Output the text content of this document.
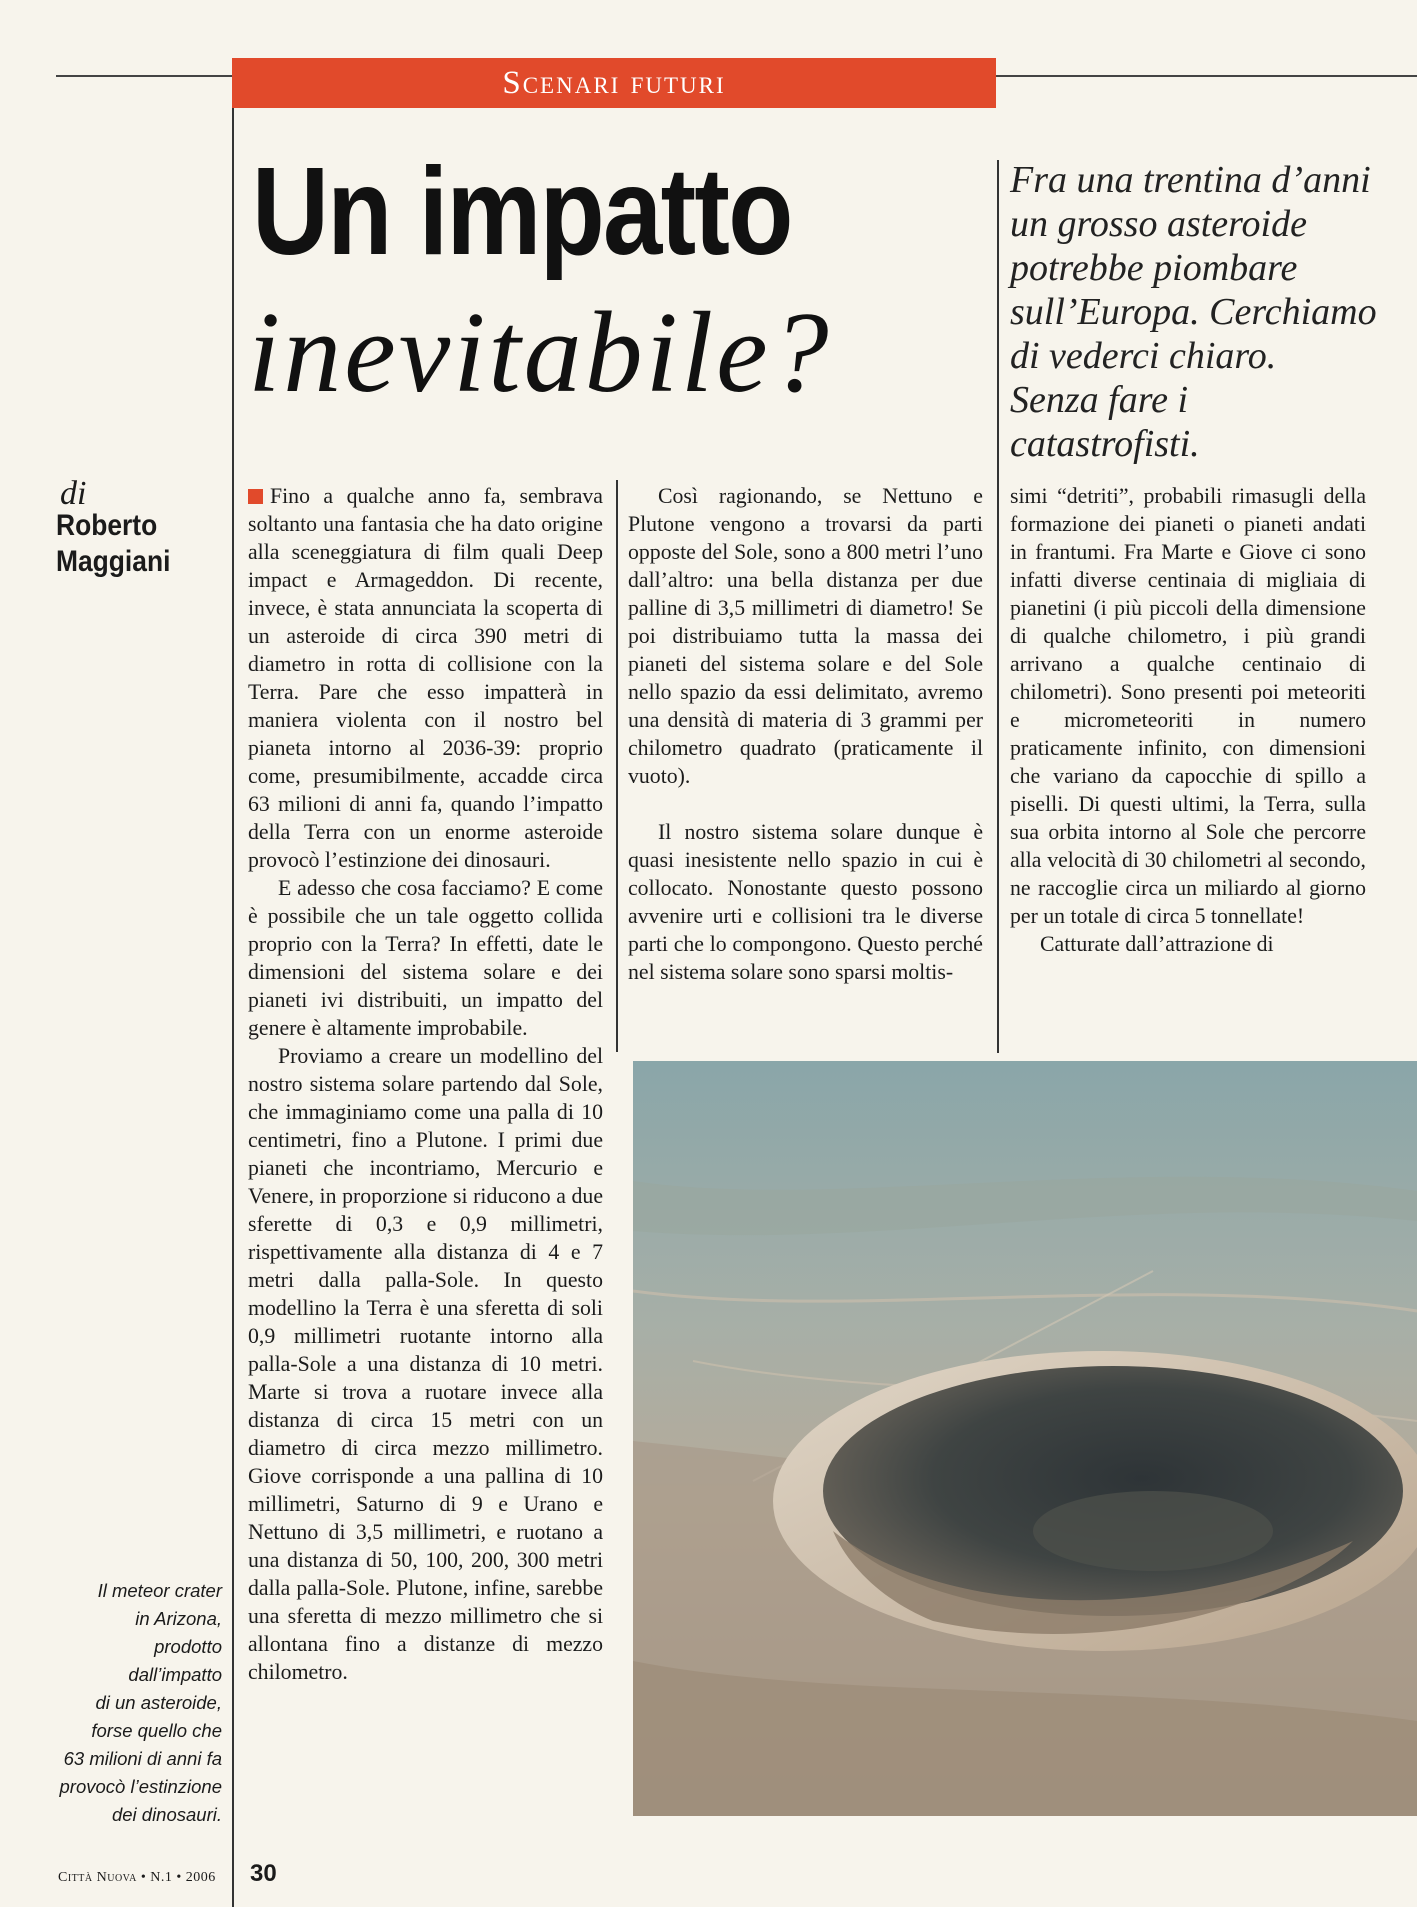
Scenari futuri
Un impatto
inevitabile?
Fra una trentina d’anni
un grosso asteroide
potrebbe piombare
sull’Europa. Cerchiamo
di vederci chiaro.
Senza fare i catastrofisti.
di
Roberto
Maggiani

Fino a qualche anno fa, sembrava soltanto una fantasia che ha dato origine alla sceneggiatura di film quali Deep impact e Armageddon. Di recente, invece, è stata annunciata la scoperta di un asteroide di circa 390 metri di diametro in rotta di collisione con la Terra. Pare che esso impatterà in maniera violenta con il nostro bel pianeta intorno al 2036-39: proprio come, presumibilmente, accadde circa 63 milioni di anni fa, quando l’impatto della Terra con un enorme asteroide provocò l’estinzione dei dinosauri.

E adesso che cosa facciamo? E come è possibile che un tale oggetto collida proprio con la Terra? In effetti, date le dimensioni del sistema solare e dei pianeti ivi distribuiti, un impatto del genere è altamente improbabile.

Proviamo a creare un modellino del nostro sistema solare partendo dal Sole, che immaginiamo come una palla di 10 centimetri, fino a Plutone. I primi due pianeti che incontriamo, Mercurio e Venere, in proporzione si riducono a due sferette di 0,3 e 0,9 millimetri, rispettivamente alla distanza di 4 e 7 metri dalla palla-Sole. In questo modellino la Terra è una sferetta di soli 0,9 millimetri ruotante intorno alla palla-Sole a una distanza di 10 metri. Marte si trova a ruotare invece alla distanza di circa 15 metri con un diametro di circa mezzo millimetro. Giove corrisponde a una pallina di 10 millimetri, Saturno di 9 e Urano e Nettuno di 3,5 millimetri, e ruotano a una distanza di 50, 100, 200, 300 metri dalla palla-Sole. Plutone, infine, sarebbe una sferetta di mezzo millimetro che si allontana fino a distanze di mezzo chilometro.

Così ragionando, se Nettuno e Plutone vengono a trovarsi da parti opposte del Sole, sono a 800 metri l’uno dall’altro: una bella distanza per due palline di 3,5 millimetri di diametro! Se poi distribuiamo tutta la massa dei pianeti del sistema solare e del Sole nello spazio da essi delimitato, avremo una densità di materia di 3 grammi per chilometro quadrato (praticamente il vuoto).

Il nostro sistema solare dunque è quasi inesistente nello spazio in cui è collocato. Nonostante questo possono avvenire urti e collisioni tra le diverse parti che lo compongono. Questo perché nel sistema solare sono sparsi moltis-

simi “detriti”, probabili rimasugli della formazione dei pianeti o pianeti andati in frantumi. Fra Marte e Giove ci sono infatti diverse centinaia di migliaia di pianetini (i più piccoli della dimensione di qualche chilometro, i più grandi arrivano a qualche centinaio di chilometri). Sono presenti poi meteoriti e micrometeoriti in numero praticamente infinito, con dimensioni che variano da capocchie di spillo a piselli. Di questi ultimi, la Terra, sulla sua orbita intorno al Sole che percorre alla velocità di 30 chilometri al secondo, ne raccoglie circa un miliardo al giorno per un totale di circa 5 tonnellate!

Catturate dall’attrazione di

Il meteor crater
in Arizona,
prodotto
dall’impatto
di un asteroide,
forse quello che
63 milioni di anni fa
provocò l’estinzione
dei dinosauri.
Città Nuova • N.1 • 2006 30
